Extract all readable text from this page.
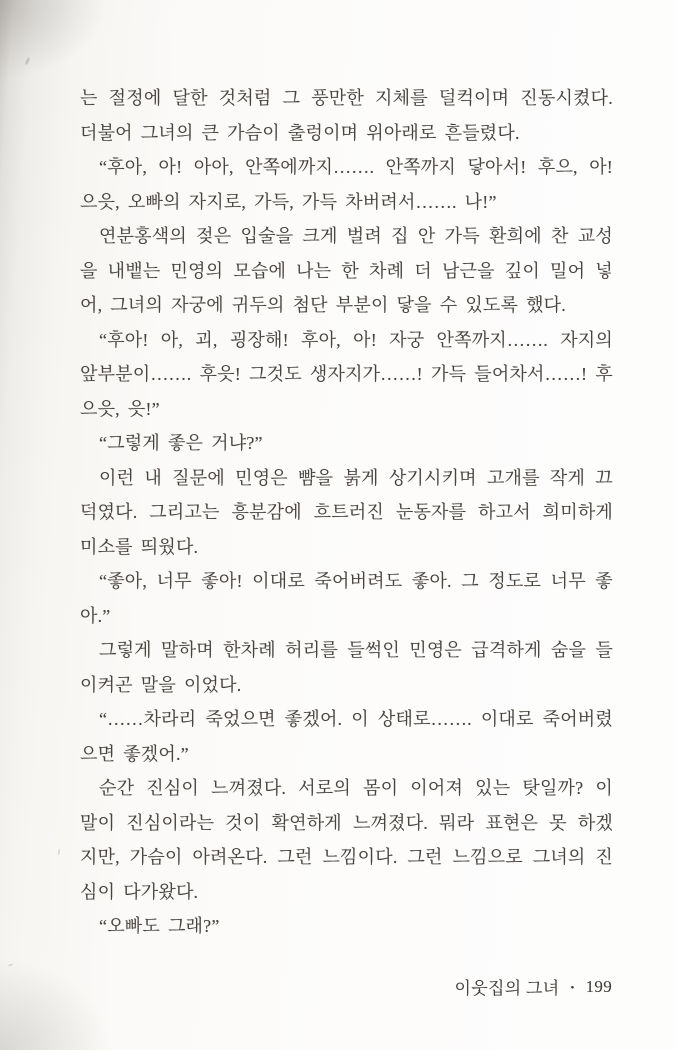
는 절정에 달한 것처럼 그 풍만한 지체를 덜컥이며 진동시켰다.
더불어 그녀의 큰 가슴이 출렁이며 위아래로 흔들렸다.
“후아, 아! 아아, 안쪽에까지……. 안쪽까지 닿아서! 후으, 아!
으읏, 오빠의 자지로, 가득, 가득 차버려서……. 나!”
연분홍색의 젖은 입술을 크게 벌려 집 안 가득 환희에 찬 교성
을 내뱉는 민영의 모습에 나는 한 차례 더 남근을 깊이 밀어 넣
어, 그녀의 자궁에 귀두의 첨단 부분이 닿을 수 있도록 했다.
“후아! 아, 괴, 굉장해! 후아, 아! 자궁 안쪽까지……. 자지의
앞부분이……. 후읏! 그것도 생자지가……! 가득 들어차서……! 후
으읏, 읏!”
“그렇게 좋은 거냐?”
이런 내 질문에 민영은 뺨을 붉게 상기시키며 고개를 작게 끄
덕였다. 그리고는 흥분감에 흐트러진 눈동자를 하고서 희미하게
미소를 띄웠다.
“좋아, 너무 좋아! 이대로 죽어버려도 좋아. 그 정도로 너무 좋
아.”
그렇게 말하며 한차례 허리를 들썩인 민영은 급격하게 숨을 들
이켜곤 말을 이었다.
“……차라리 죽었으면 좋겠어. 이 상태로……. 이대로 죽어버렸
으면 좋겠어.”
순간 진심이 느껴졌다. 서로의 몸이 이어져 있는 탓일까? 이
말이 진심이라는 것이 확연하게 느껴졌다. 뭐라 표현은 못 하겠
지만, 가슴이 아려온다. 그런 느낌이다. 그런 느낌으로 그녀의 진
심이 다가왔다.
“오빠도 그래?”
이웃집의 그녀 • 199
